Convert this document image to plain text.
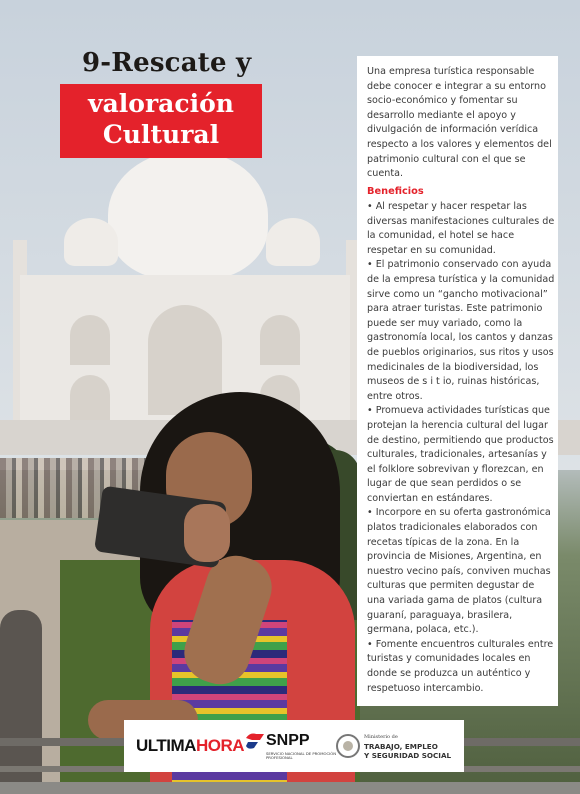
9-Rescate y
valoración
Cultural
Una empresa turística responsable debe conocer e integrar a su entorno socio-económico y fomentar su desarrollo mediante el apoyo y divulgación de información verídica respecto a los valores y elementos del patrimonio cultural con el que se cuenta.
Beneficios

• Al respetar y hacer respetar las diversas manifestaciones culturales de la comunidad, el hotel se hace respetar en su comunidad.

• El patrimonio conservado con ayuda de la empresa turística y la comunidad sirve como un “gancho motivacional” para atraer turistas. Este patrimonio puede ser muy variado, como la gastronomía local, los cantos y danzas de pueblos originarios, sus ritos y usos medicinales de la biodiversidad, los museos de s i t io, ruinas históricas, entre otros.

• Promueva actividades turísticas que protejan la herencia cultural del lugar de destino, permitiendo que productos culturales, tradicionales, artesanías y el folklore sobrevivan y florezcan, en lugar de que sean perdidos o se conviertan en estándares.

• Incorpore en su oferta gastronómica platos tradicionales elaborados con recetas típicas de la zona. En la provincia de Misiones, Argentina, en nuestro vecino país, conviven muchas culturas que permiten degustar de una variada gama de platos (cultura guaraní, paraguaya, brasilera, germana, polaca, etc.).

• Fomente encuentros culturales entre turistas y comunidades locales en donde se produzca un auténtico y respetuoso intercambio.

ULTIMAHORA SNPP
SERVICIO NACIONAL DE PROMOCIÓN PROFESIONAL
Ministerio de
TRABAJO, EMPLEO
Y SEGURIDAD SOCIAL
